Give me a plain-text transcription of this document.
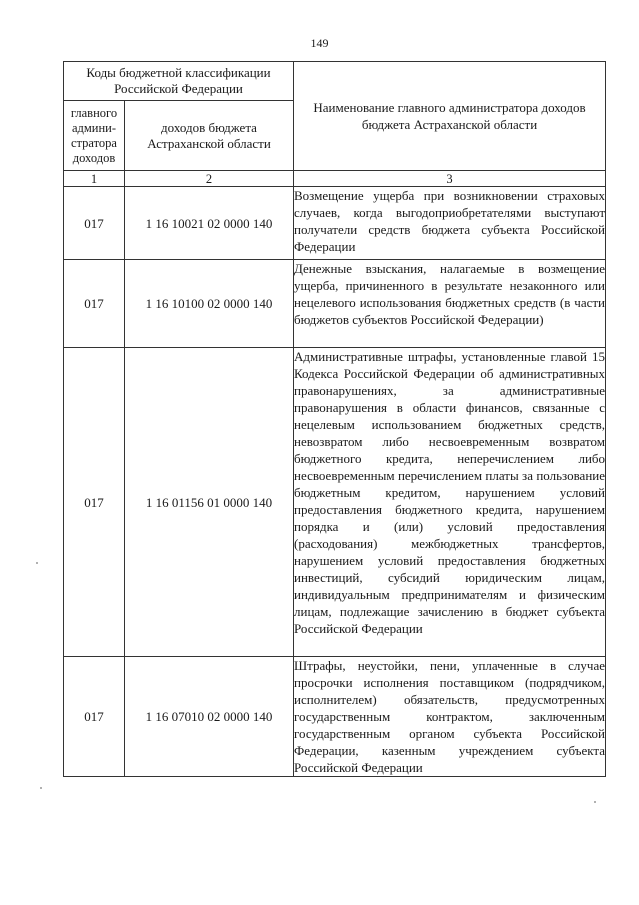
149
Коды бюджетной классификации Российской Федерации		Наименование главного администратора доходов бюджета Астраханской области
главного админи-стратора доходов	доходов бюджета Астраханской области	
1	2	3
017	1 16 10021 02 0000 140	Возмещение ущерба при возникновении страховых случаев, когда выгодоприобретателями выступают получатели средств бюджета субъекта Российской Федерации
017	1 16 10100 02 0000 140	Денежные взыскания, налагаемые в возмещение ущерба, причиненного в результате незаконного или нецелевого использования бюджетных средств (в части бюджетов субъектов Российской Федерации)
017	1 16 01156 01 0000 140	Административные штрафы, установленные главой 15 Кодекса Российской Федерации об административных правонарушениях, за административные правонарушения в области финансов, связанные с нецелевым использованием бюджетных средств, невозвратом либо несвоевременным возвратом бюджетного кредита, неперечислением либо несвоевременным перечислением платы за пользование бюджетным кредитом, нарушением условий предоставления бюджетного кредита, нарушением порядка и (или) условий предоставления (расходования) межбюджетных трансфертов, нарушением условий предоставления бюджетных инвестиций, субсидий юридическим лицам, индивидуальным предпринимателям и физическим лицам, подлежащие зачислению в бюджет субъекта Российской Федерации
017	1 16 07010 02 0000 140	Штрафы, неустойки, пени, уплаченные в случае просрочки исполнения поставщиком (подрядчиком, исполнителем) обязательств, предусмотренных государственным контрактом, заключенным государственным органом субъекта Российской Федерации, казенным учреждением субъекта Российской Федерации
